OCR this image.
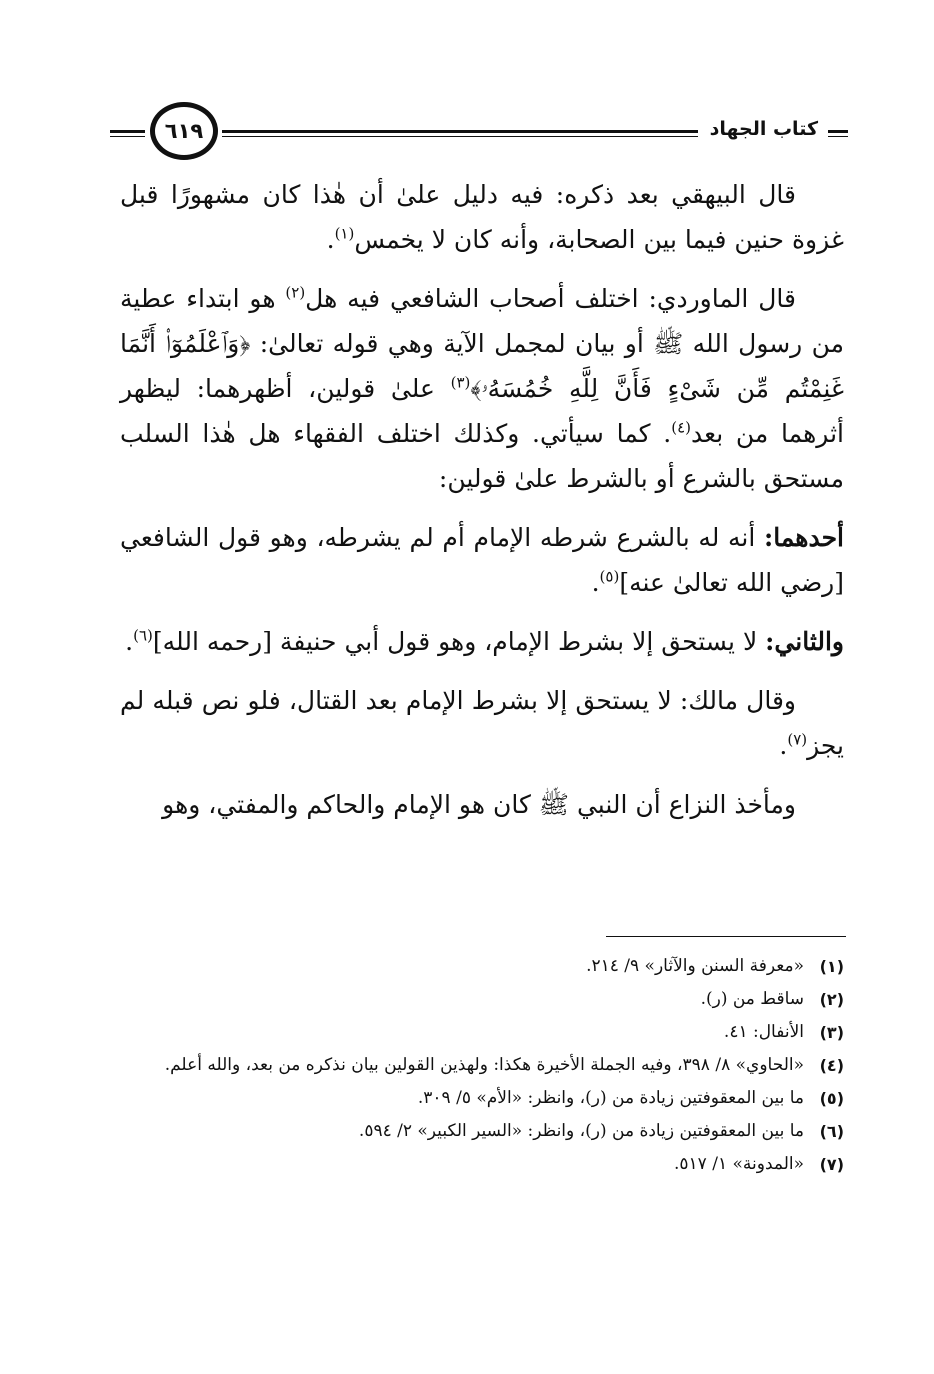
كتاب الجهاد
٦١٩

قال البيهقي بعد ذكره: فيه دليل علىٰ أن هٰذا كان مشهورًا قبل غزوة حنين فيما بين الصحابة، وأنه كان لا يخمس$^{(١)}$.

قال الماوردي: اختلف أصحاب الشافعي فيه هل$^{(٢)}$ هو ابتداء عطية من رسول الله ﷺ أو بيان لمجمل الآية وهي قوله تعالىٰ: ﴿وَٱعْلَمُوٓا۟ أَنَّمَا غَنِمْتُم مِّن شَىْءٍ فَأَنَّ لِلَّهِ خُمُسَهُۥ﴾$^{(٣)}$ علىٰ قولين، أظهرهما: ليظهر أثرهما من بعد$^{(٤)}$. كما سيأتي. وكذلك اختلف الفقهاء هل هٰذا السلب مستحق بالشرع أو بالشرط علىٰ قولين:

أحدهما: أنه له بالشرع شرطه الإمام أم لم يشرطه، وهو قول الشافعي [رضي الله تعالىٰ عنه]$^{(٥)}$.

والثاني: لا يستحق إلا بشرط الإمام، وهو قول أبي حنيفة [رحمه الله]$^{(٦)}$.

وقال مالك: لا يستحق إلا بشرط الإمام بعد القتال، فلو نص قبله لم يجز$^{(٧)}$.

ومأخذ النزاع أن النبي ﷺ كان هو الإمام والحاكم والمفتي، وهو

(١)
«معرفة السنن والآثار» ٩/ ٢١٤.
(٢)
ساقط من (ر).
(٣)
الأنفال: ٤١.
(٤)
«الحاوي» ٨/ ٣٩٨، وفيه الجملة الأخيرة هكذا: ولهذين القولين بيان نذكره من بعد، والله أعلم.
(٥)
ما بين المعقوفتين زيادة من (ر)، وانظر: «الأم» ٥/ ٣٠٩.
(٦)
ما بين المعقوفتين زيادة من (ر)، وانظر: «السير الكبير» ٢/ ٥٩٤.
(٧)
«المدونة» ١/ ٥١٧.
